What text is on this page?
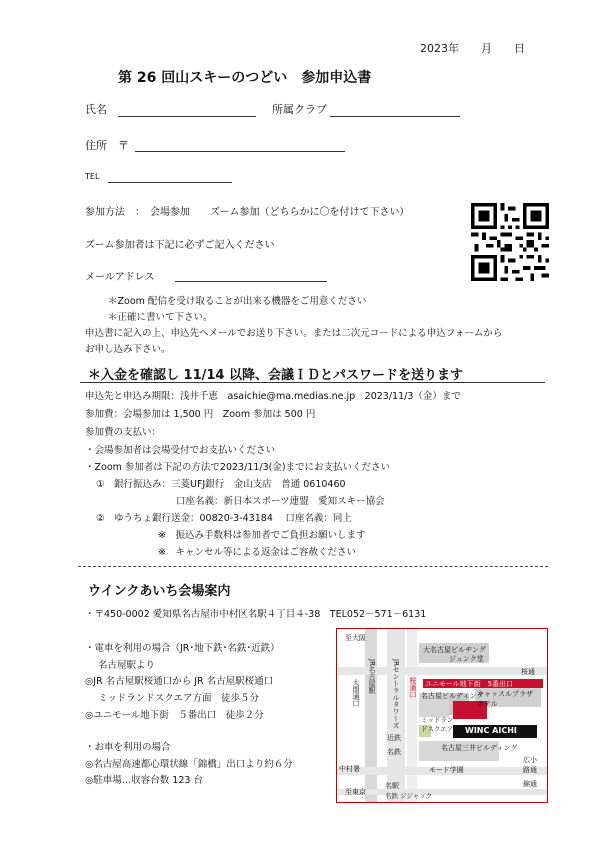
2023年　　月　　日
第 26 回山スキーのつどい　参加申込書
氏名	所属クラブ
住所　〒
TEL
参加方法　：　会場参加　　ズーム参加（どちらかに〇を付けて下さい）
ズーム参加者は下記に必ずご記入ください
メールアドレス
＊Zoom 配信を受け取ることが出来る機器をご用意ください
＊正確に書いて下さい。
申込書に記入の上、申込先へメールでお送り下さい。または二次元コードによる申込フォームから
お申し込み下さい。
＊入金を確認し 11/14 以降、会議ＩＤとパスワードを送ります
申込先と申込み期限：浅井千恵　asaichie@ma.medias.ne.jp　2023/11/3（金）まで
参加費：会場参加は 1,500 円　Zoom 参加は 500 円
参加費の支払い：
・会場参加者は会場受付でお支払いください
・Zoom 参加者は下記の方法で2023/11/3(金)までにお支払いください
①　銀行振込み：三菱UFJ銀行　金山支店　普通 0610460
口座名義：新日本スポーツ連盟　愛知スキー協会
②　ゆうちょ銀行送金：00820-3-43184　 口座名義：同上
※　振込み手数料は参加者でご負担お願いします
※　キャンセル等による返金はご容赦ください
ウインクあいち会場案内
・〒450-0002 愛知県名古屋市中村区名駅４丁目４-38　TEL052－571－6131
・電車を利用の場合（JR･地下鉄･名鉄･近鉄）
名古屋駅より
◎JR 名古屋駅桜通口から JR 名古屋駅桜通口
ミッドランドスクエア方面　徒歩５分
◎ユニモール地下街　５番出口　徒歩２分
・お車を利用の場合
◎名古屋高速都心環状線「錦橋」出口より約６分
◎駐車場…収容台数 123 台
至大阪
JR名古屋駅
太閤通口	JRセントラルタワーズ 桜通口
大名古屋ビルヂング
ジュンク堂
桜通
ユニモール地下街　5番出口
名古屋ビルディング
キャッスルプラザ ホテル
ミッドランドスクエア WINC AICHI
近鉄
名鉄	名古屋三井ビルディング
モード学園
中村署
広小路通
錦通
至東京
名駅
名鉄 ジジャック
